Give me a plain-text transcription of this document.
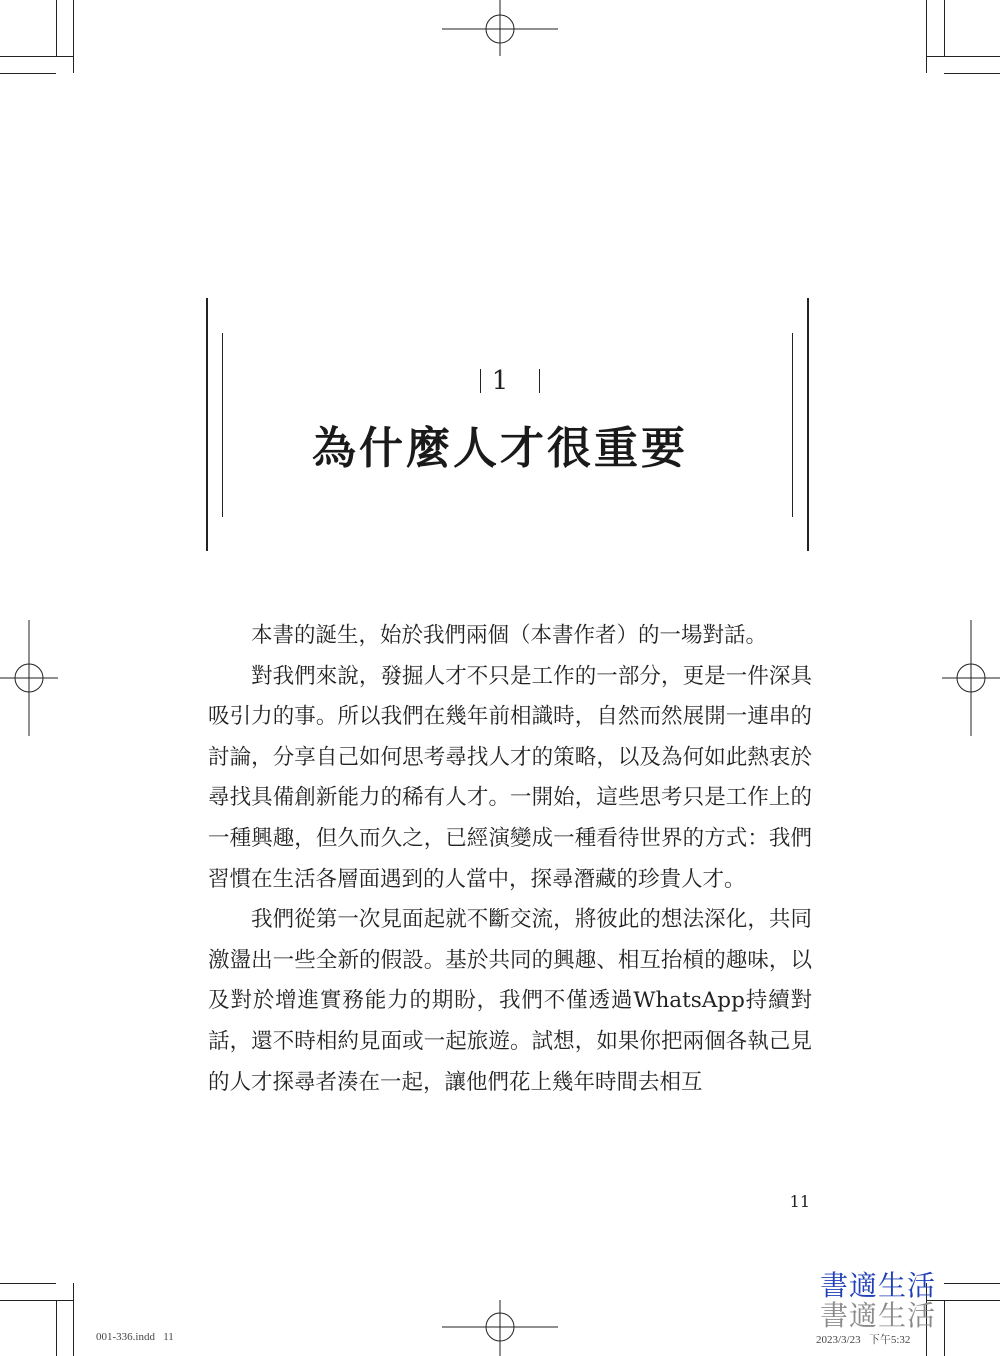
1
為什麼人才很重要

本書的誕生，始於我們兩個（本書作者）的一場對話。

對我們來說，發掘人才不只是工作的一部分，更是一件深具吸引力的事。所以我們在幾年前相識時，自然而然展開一連串的討論，分享自己如何思考尋找人才的策略，以及為何如此熱衷於尋找具備創新能力的稀有人才。一開始，這些思考只是工作上的一種興趣，但久而久之，已經演變成一種看待世界的方式：我們習慣在生活各層面遇到的人當中，探尋潛藏的珍貴人才。

我們從第一次見面起就不斷交流，將彼此的想法深化，共同激盪出一些全新的假設。基於共同的興趣、相互抬槓的趣味，以及對於增進實務能力的期盼，我們不僅透過WhatsApp持續對話，還不時相約見面或一起旅遊。試想，如果你把兩個各執己見的人才探尋者湊在一起，讓他們花上幾年時間去相互

11
001-336.indd   11	2023/3/23   下午5:32
書適生活
書適生活
